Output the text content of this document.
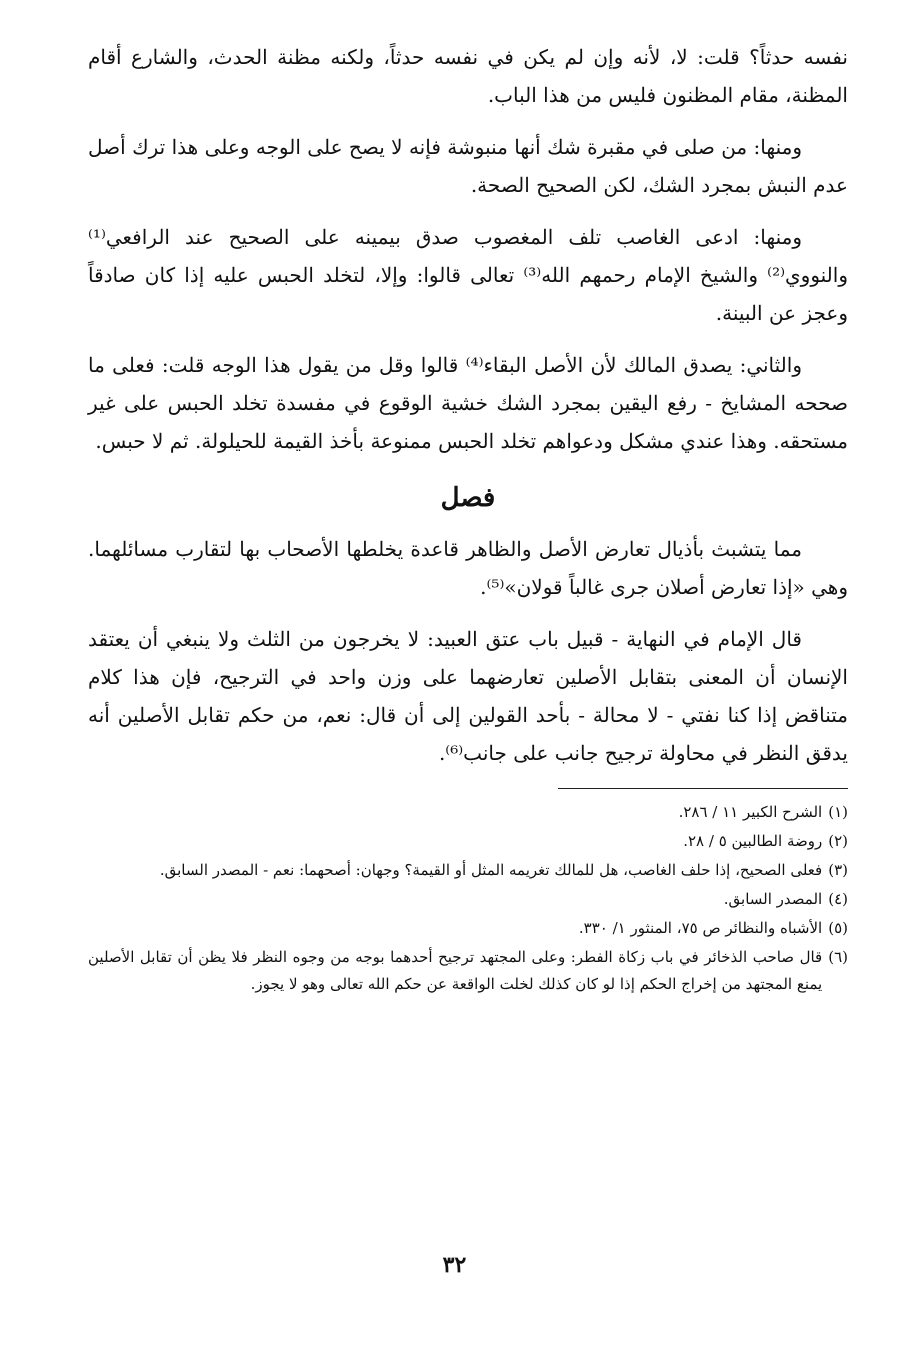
نفسه حدثاً؟ قلت: لا، لأنه وإن لم يكن في نفسه حدثاً، ولكنه مظنة الحدث، والشارع أقام المظنة، مقام المظنون فليس من هذا الباب.

ومنها: من صلى في مقبرة شك أنها منبوشة فإنه لا يصح على الوجه وعلى هذا ترك أصل عدم النبش بمجرد الشك، لكن الصحيح الصحة.

ومنها: ادعى الغاصب تلف المغصوب صدق بيمينه على الصحيح عند الرافعي⁽¹⁾ والنووي⁽²⁾ والشيخ الإمام رحمهم الله⁽³⁾ تعالى قالوا: وإلا، لتخلد الحبس عليه إذا كان صادقاً وعجز عن البينة.

والثاني: يصدق المالك لأن الأصل البقاء⁽⁴⁾ قالوا وقل من يقول هذا الوجه قلت: فعلى ما صححه المشايخ - رفع اليقين بمجرد الشك خشية الوقوع في مفسدة تخلد الحبس على غير مستحقه. وهذا عندي مشكل ودعواهم تخلد الحبس ممنوعة بأخذ القيمة للحيلولة. ثم لا حبس.

فصل

مما يتشبث بأذيال تعارض الأصل والظاهر قاعدة يخلطها الأصحاب بها لتقارب مسائلهما. وهي «إذا تعارض أصلان جرى غالباً قولان»⁽⁵⁾.

قال الإمام في النهاية - قبيل باب عتق العبيد: لا يخرجون من الثلث ولا ينبغي أن يعتقد الإنسان أن المعنى بتقابل الأصلين تعارضهما على وزن واحد في الترجيح، فإن هذا كلام متناقض إذا كنا نفتي - لا محالة - بأحد القولين إلى أن قال: نعم، من حكم تقابل الأصلين أنه يدقق النظر في محاولة ترجيح جانب على جانب⁽⁶⁾.

(١)
الشرح الكبير ١١ / ٢٨٦.
(٢)
روضة الطالبين ٥ / ٢٨.
(٣)
فعلى الصحيح، إذا حلف الغاصب، هل للمالك تغريمه المثل أو القيمة؟ وجهان: أصحهما: نعم - المصدر السابق.
(٤)
المصدر السابق.
(٥)
الأشباه والنظائر ص ٧٥، المنثور ١/ ٣٣٠.
(٦)
قال صاحب الذخائر في باب زكاة الفطر: وعلى المجتهد ترجيح أحدهما بوجه من وجوه النظر فلا يظن أن تقابل الأصلين يمنع المجتهد من إخراج الحكم إذا لو كان كذلك لخلت الواقعة عن حكم الله تعالى وهو لا يجوز.
٣٢
